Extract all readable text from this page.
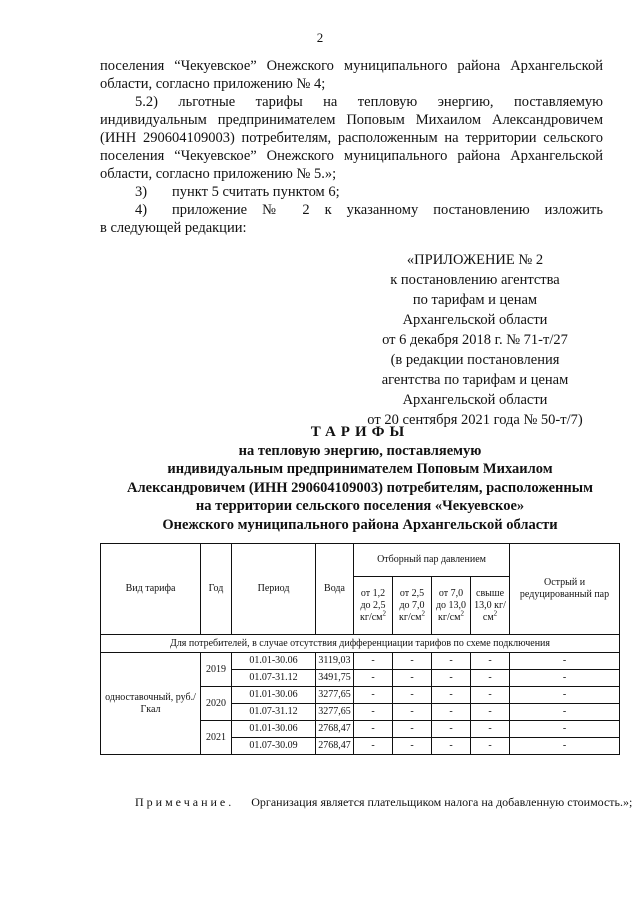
2
поселения “Чекуевское” Онежского муниципального района Архангельской
области, согласно приложению № 4;
5.2) льготные тарифы на тепловую энергию, поставляемую
индивидуальным предпринимателем Поповым Михаилом Александровичем
(ИНН 290604109003) потребителям, расположенным на территории сельского
поселения “Чекуевское” Онежского муниципального района Архангельской
области, согласно приложению № 5.»;
3) пункт 5 считать пунктом 6;
4) приложение № 2 к указанному постановлению изложить
в следующей редакции:
«ПРИЛОЖЕНИЕ № 2
к постановлению агентства
по тарифам и ценам
Архангельской области
от 6 декабря 2018 г. № 71-т/27
(в редакции постановления
агентства по тарифам и ценам
Архангельской области
от 20 сентября 2021 года № 50-т/7)
ТАРИФЫ
на тепловую энергию, поставляемую
индивидуальным предпринимателем Поповым Михаилом
Александровичем (ИНН 290604109003) потребителям, расположенным
на территории сельского поселения «Чекуевское»
Онежского муниципального района Архангельской области
Вид тарифа	Год	Период	Вода	Отборный пар давлением				Острый и редуцированный пар
				от 1,2 до 2,5 $кг/см^2$	от 2,5 до 7,0 $кг/см^2$	от 7,0 до 13,0 $кг/см^2$	свыше 13,0 $кг/см^2$
Для потребителей, в случае отсутствия дифференциации тарифов по схеме подключения								
одноставочный, руб./Гкал	2019	01.01-30.06	3119,03	-	-	-	-	-
		01.07-31.12	3491,75	-	-	-	-	-
	2020	01.01-30.06	3277,65	-	-	-	-	-
		01.07-31.12	3277,65	-	-	-	-	-
	2021	01.01-30.06	2768,47	-	-	-	-	-
		01.07-30.09	2768,47	-	-	-	-	-
Примечание. Организация является плательщиком налога на добавленную стоимость.»;
